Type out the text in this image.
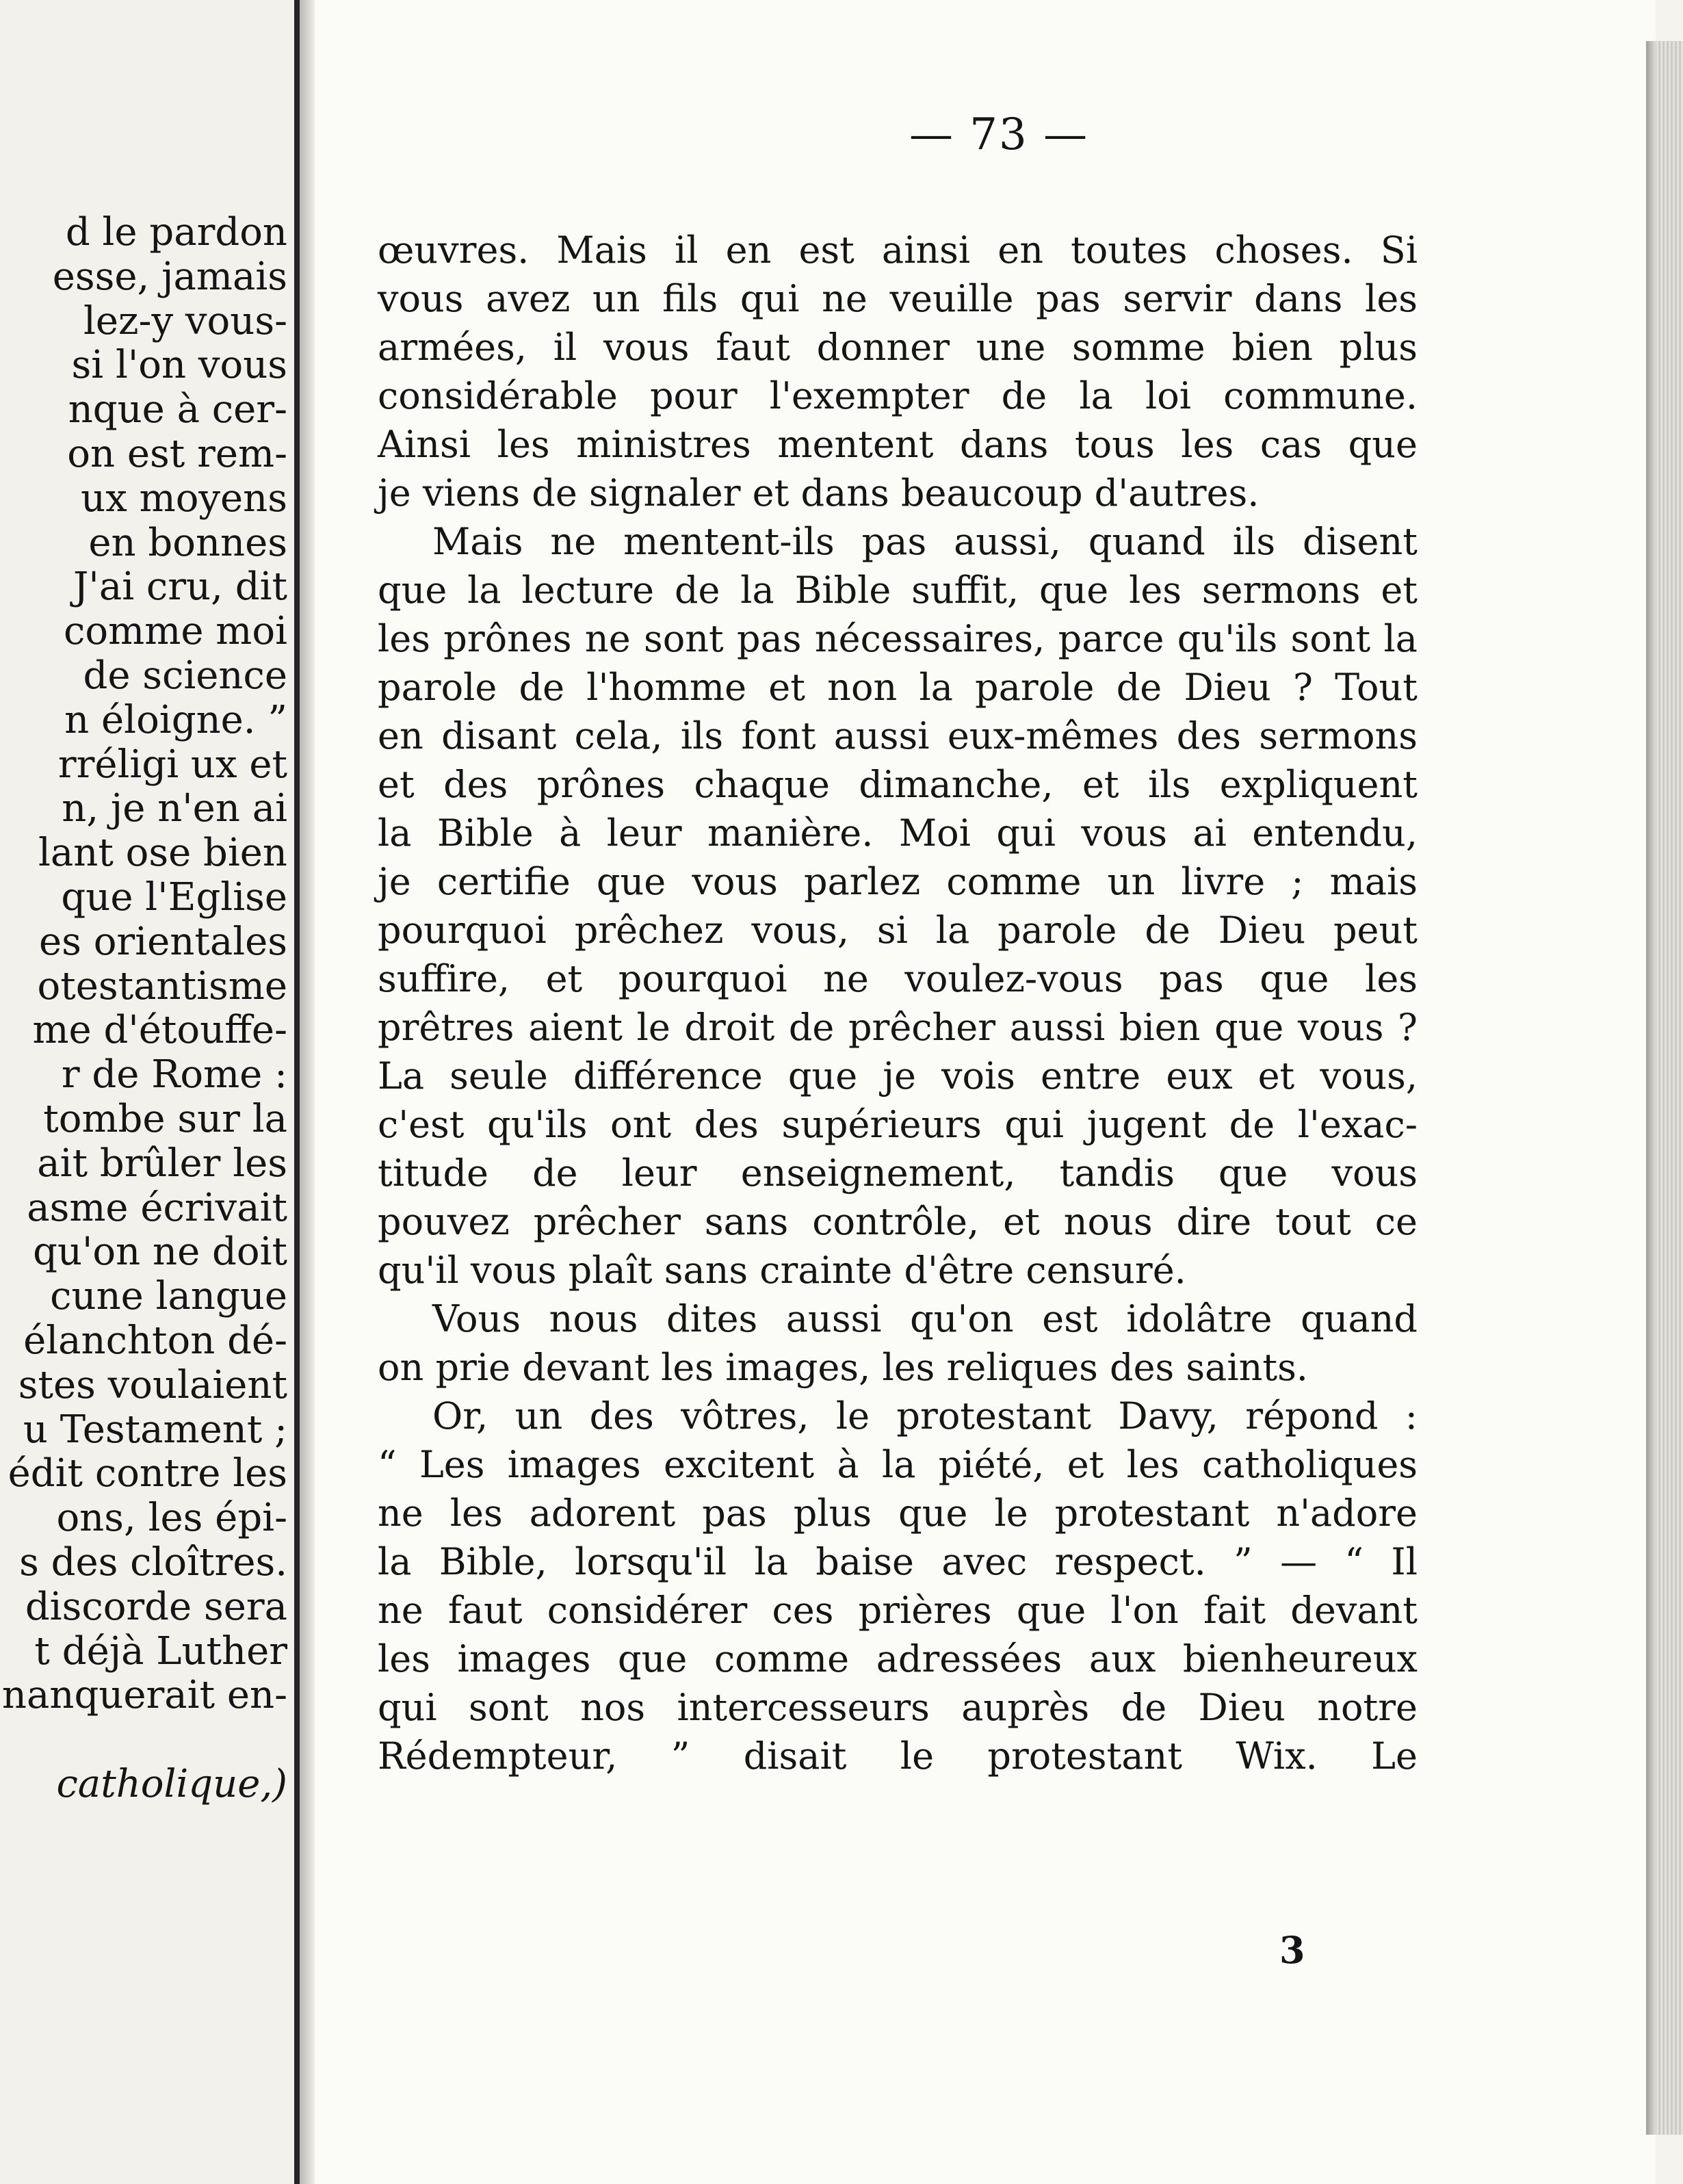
d le pardon
esse, jamais
lez-y vous-
si l'on vous
nque à cer-
on est rem-
ux moyens
en bonnes
J'ai cru, dit
comme moi
de science
n éloigne. ”
rréligi ux et
n, je n'en ai
lant ose bien
que l'Eglise
es orientales
otestantisme
me d'étouffe-
r de Rome :
tombe sur la
ait brûler les
asme écrivait
qu'on ne doit
cune langue
élanchton dé-
stes voulaient
u Testament ;
édit contre les
ons, les épi-
s des cloîtres.
discorde sera
t déjà Luther
nanquerait en-
catholique,)
— 73 —
œuvres. Mais il en est ainsi en toutes choses. Si
vous avez un fils qui ne veuille pas servir dans les
armées, il vous faut donner une somme bien plus
considérable pour l'exempter de la loi commune.
Ainsi les ministres mentent dans tous les cas que
je viens de signaler et dans beaucoup d'autres.
Mais ne mentent-ils pas aussi, quand ils disent
que la lecture de la Bible suffit, que les sermons et
les prônes ne sont pas nécessaires, parce qu'ils sont la
parole de l'homme et non la parole de Dieu ? Tout
en disant cela, ils font aussi eux-mêmes des sermons
et des prônes chaque dimanche, et ils expliquent
la Bible à leur manière. Moi qui vous ai entendu,
je certifie que vous parlez comme un livre ; mais
pourquoi prêchez vous, si la parole de Dieu peut
suffire, et pourquoi ne voulez-vous pas que les
prêtres aient le droit de prêcher aussi bien que vous ?
La seule différence que je vois entre eux et vous,
c'est qu'ils ont des supérieurs qui jugent de l'exac-
titude de leur enseignement, tandis que vous
pouvez prêcher sans contrôle, et nous dire tout ce
qu'il vous plaît sans crainte d'être censuré.
Vous nous dites aussi qu'on est idolâtre quand
on prie devant les images, les reliques des saints.
Or, un des vôtres, le protestant Davy, répond :
“ Les images excitent à la piété, et les catholiques
ne les adorent pas plus que le protestant n'adore
la Bible, lorsqu'il la baise avec respect. ” — “ Il
ne faut considérer ces prières que l'on fait devant
les images que comme adressées aux bienheureux
qui sont nos intercesseurs auprès de Dieu notre
Rédempteur, ” disait le protestant Wix. Le
3
